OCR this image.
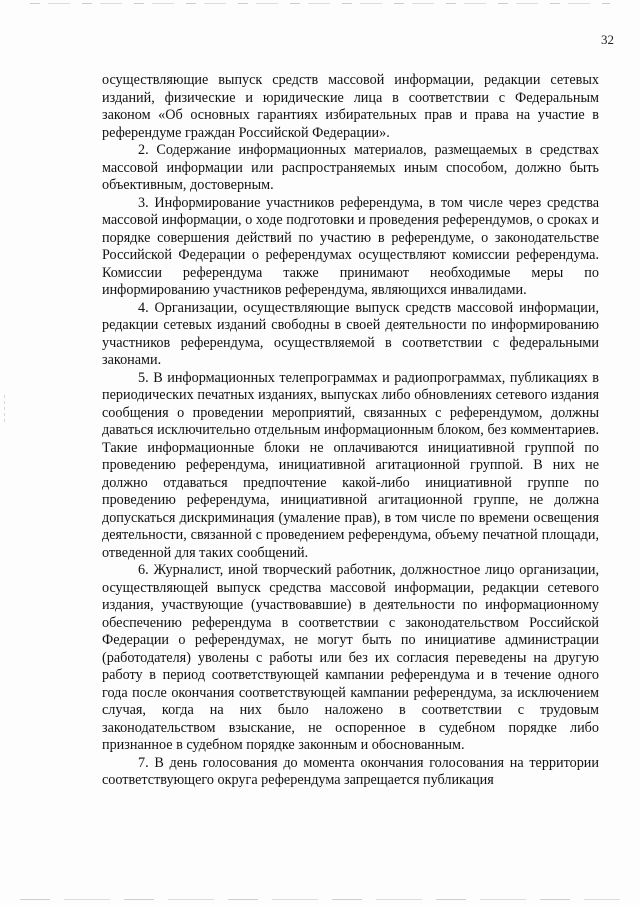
32

осуществляющие выпуск средств массовой информации, редакции сетевых изданий, физические и юридические лица в соответствии с Федеральным законом «Об основных гарантиях избирательных прав и права на участие в референдуме граждан Российской Федерации».

2. Содержание информационных материалов, размещаемых в средствах массовой информации или распространяемых иным способом, должно быть объективным, достоверным.

3. Информирование участников референдума, в том числе через средства массовой информации, о ходе подготовки и проведения референдумов, о сроках и порядке совершения действий по участию в референдуме, о законодательстве Российской Федерации о референдумах осуществляют комиссии референдума. Комиссии референдума также принимают необходимые меры по информированию участников референдума, являющихся инвалидами.

4. Организации, осуществляющие выпуск средств массовой информации, редакции сетевых изданий свободны в своей деятельности по информированию участников референдума, осуществляемой в соответствии с федеральными законами.

5. В информационных телепрограммах и радиопрограммах, публикациях в периодических печатных изданиях, выпусках либо обновлениях сетевого издания сообщения о проведении мероприятий, связанных с референдумом, должны даваться исключительно отдельным информационным блоком, без комментариев. Такие информационные блоки не оплачиваются инициативной группой по проведению референдума, инициативной агитационной группой. В них не должно отдаваться предпочтение какой-либо инициативной группе по проведению референдума, инициативной агитационной группе, не должна допускаться дискриминация (умаление прав), в том числе по времени освещения деятельности, связанной с проведением референдума, объему печатной площади, отведенной для таких сообщений.

6. Журналист, иной творческий работник, должностное лицо организации, осуществляющей выпуск средства массовой информации, редакции сетевого издания, участвующие (участвовавшие) в деятельности по информационному обеспечению референдума в соответствии с законодательством Российской Федерации о референдумах, не могут быть по инициативе администрации (работодателя) уволены с работы или без их согласия переведены на другую работу в период соответствующей кампании референдума и в течение одного года после окончания соответствующей кампании референдума, за исключением случая, когда на них было наложено в соответствии с трудовым законодательством взыскание, не оспоренное в судебном порядке либо признанное в судебном порядке законным и обоснованным.

7. В день голосования до момента окончания голосования на территории соответствующего округа референдума запрещается публикация
